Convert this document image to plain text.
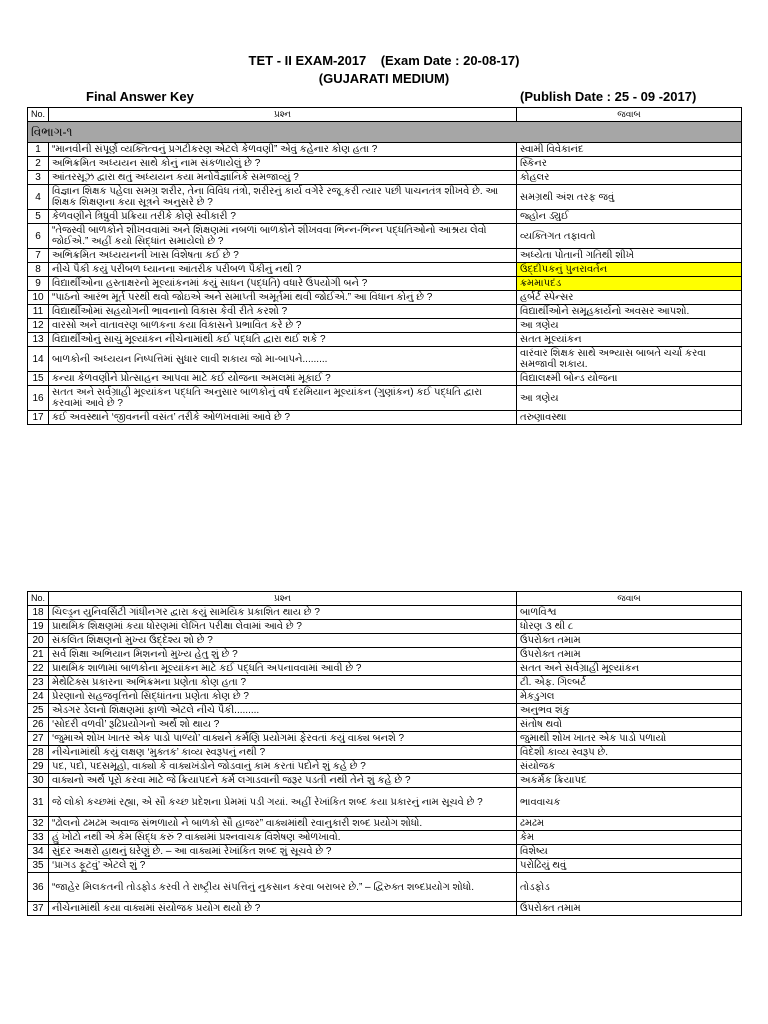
TET - II EXAM-2017    (Exam Date : 20-08-17)
(GUJARATI MEDIUM)
Final Answer Key	(Publish Date : 25 - 09 -2017)
No.	પ્રશ્ન	જવાબ
વિભાગ-૧		
1	“માનવીની સંપૂર્ણ વ્યક્તિત્વનું પ્રગટીકરણ એટલે કેળવણી” એવું કહેનાર કોણ હતા ?	સ્વામી વિવેકાનંદ
2	અભિક્રમિત અધ્યયન સાથે કોનું નામ સંકળાયેલું છે ?	સ્કિનર
3	આંતરસૂઝ દ્વારા થતું અધ્યયન કયા મનોવૈજ્ઞાનિકે સમજાવ્યું ?	કોહલર
4	વિજ્ઞાન શિક્ષક પહેલા સમગ્ર શરીર, તેના વિવિધ તંત્રો, શરીરનું કાર્ય વગેરે રજૂ કરી ત્યાર પછી પાચનતંત્ર શીખવે છે. આ શિક્ષક શિક્ષણના કયા સૂત્રને અનુસરે છે ?	સમગ્રથી અંશ તરફ જવું
5	કેળવણીને ત્રિધ્રુવી પ્રક્રિયા તરીકે કોણે સ્વીકારી ?	જ્હોન ડ્યુઈ
6	“તેજસ્વી બાળકોને શીખવવામાં અને શિક્ષણમાં નબળાં બાળકોને શીખવવા ભિન્ન-ભિન્ન પદ્ધતિઓનો આશ્રય લેવો જોઈએ.” અહીં કયો સિદ્ધાંત સમાયેલો છે ?	વ્યક્તિગત તફાવતો
7	અભિક્રમિત અધ્યયનની ખાસ વિશેષતા કઈ છે ?	અધ્યેતા પોતાની ગતિથી શીખે
8	નીચે પૈકી કયું પરીબળ ધ્યાનના આંતરીક પરીબળ પૈકીનું નથી ?	ઉદ્દીપકનું પુનરાવર્તન
9	વિદ્યાર્થીઓના હસ્તાક્ષરનો મૂલ્યાંકનમાં કયું સાધન (પદ્ધતિ) વધારે ઉપયોગી બને ?	ક્રમમાપદંડ
10	“પાઠનો આરંભ મૂર્ત પરથી થવો જોઇએ અને સમાપ્તી અમૂર્તમાં થવી જોઈએ.” આ વિધાન કોનું છે ?	હર્બર્ટ સ્પેન્સર
11	વિદ્યાર્થીઓમાં સહયોગની ભાવનાનો વિકાસ કેવી રીતે કરશો ?	વિદ્યાર્થીઓને સમૂહકાર્યનો અવસર આપશો.
12	વારસો અને વાતાવરણ બાળકના કયા વિકાસને પ્રભાવિત કરે છે ?	આ ત્રણેય
13	વિદ્યાર્થીઓનું સાચું મૂલ્યાંકન નીચેનામાંથી કઈ પદ્ધતિ દ્વારા થઈ શકે ?	સતત મૂલ્યાંકન
14	બાળકોની અધ્યયન નિષ્પત્તિમાં સુધાર લાવી શકાય જો મા-બાપને.........	વારંવાર શિક્ષક સાથે અભ્યાસ બાબતે ચર્ચા કરવા સમજાવી શકાય.
15	કન્યા કેળવણીને પ્રોત્સાહન આપવા માટે કઈ યોજના અમલમાં મૂકાઈ ?	વિદ્યાલક્ષ્મી બોન્ડ યોજના
16	સતત અને સર્વગ્રાહી મૂલ્યાંકન પદ્ધતિ અનુસાર બાળકોનું વર્ષ દરમિયાન મૂલ્યાંકન (ગુણાંકન) કઈ પદ્ધતિ દ્વારા કરવામાં આવે છે ?	આ ત્રણેય
17	કઈ અવસ્થાને ‘જીવનની વસંત’ તરીકે ઓળખવામાં આવે છે ?	તરુણાવસ્થા
No.	પ્રશ્ન	જવાબ
18	ચિલ્ડ્રન યુનિવર્સિટી ગાંધીનગર દ્વારા કયું સામયિક પ્રકાશિત થાય છે ?	બાળવિશ્વ
19	પ્રાથમિક શિક્ષણમાં કયા ધોરણમાં લેખિત પરીક્ષા લેવામાં આવે છે ?	ધોરણ ૩ થી ૮
20	સંકલિત શિક્ષણનો મુખ્ય ઉદ્દેશ્ય શો છે ?	ઉપરોક્ત તમામ
21	સર્વ શિક્ષા અભિયાન મિશનનો મુખ્ય હેતુ શું છે ?	ઉપરોક્ત તમામ
22	પ્રાથમિક શાળામાં બાળકોના મૂલ્યાંકન માટે કઈ પદ્ધતિ અપનાવવામાં આવી છે ?	સતત અને સર્વગ્રાહી મૂલ્યાંકન
23	મેથેટિક્સ પ્રકારના અભિક્રમના પ્રણેતા કોણ હતા ?	ટી. એફ. ગિલ્બર્ટ
24	પ્રેરણાનો સહજવૃત્તિનો સિદ્ધાંતના પ્રણેતા કોણ છે ?	મેકડુગલ
25	એડગર ડેલનો શિક્ષણમાં ફાળો એટલે નીચે પૈકી.........	અનુભવ શંકુ
26	‘સોદરી વળવી’ રૂઢિપ્રયોગનો અર્થ શો થાય ?	સંતોષ થવો
27	‘જુમાએ શોખ ખાતર એક પાડો પાળ્યો’ વાક્યને કર્મણિ પ્રયોગમાં ફેરવતાં કયું વાક્ય બનશે ?	જુમાથી શોખ ખાતર એક પાડો પળાયો
28	નીચેનામાંથી કયું લક્ષણ ‘મુક્તક’ કાવ્ય સ્વરૂપનું નથી ?	વિદેશી કાવ્ય સ્વરૂપ છે.
29	પદ, પદો, પદસમૂહો, વાક્યો કે વાક્યખંડોને જોડવાનું કામ કરતાં પદોને શું કહે છે ?	સંયોજક
30	વાક્યનો અર્થ પૂરો કરવા માટે જે ક્રિયાપદને કર્મ લગાડવાની જરૂર પડતી નથી તેને શું કહે છે ?	અકર્મક ક્રિયાપદ
31	જે લોકો કચ્છમાં રહ્યા, એ સૌ કચ્છ પ્રદેશના પ્રેમમાં પડી ગયાં. અહીં રેખાંકિત શબ્દ કયા પ્રકારનું નામ સૂચવે છે ?	ભાવવાચક
32	“ઢોલનો ઢમઢમ અવાજ સંભળાયો ને બાળકો સૌ હાજર” વાક્યમાંથી રવાનુકારી શબ્દ પ્રયોગ શોધો.	ઢમઢમ
33	હું ખોટો નથી એ કેમ સિદ્ધ કરું ? વાક્યમાં પ્રશ્નવાચક વિશેષણ ઓળખાવો.	કેમ
34	સુંદર અક્ષરો હાથનું ઘરેણું છે. – આ વાક્યમાં રેખાંકિત શબ્દ શું સૂચવે છે ?	વિશેષ્ય
35	‘પ્રાગડ ફૂટવું’ એટલે શું ?	પરોઢિયું થવું
36	“જાહેર મિલકતની તોડફોડ કરવી તે રાષ્ટ્રીય સંપત્તિનું નુકસાન કરવા બરાબર છે.” – દ્વિરુક્ત શબ્દપ્રયોગ શોધો.	તોડફોડ
37	નીચેનામાંથી કયા વાક્યમાં સંયોજક પ્રયોગ થયો છે ?	ઉપરોક્ત તમામ
